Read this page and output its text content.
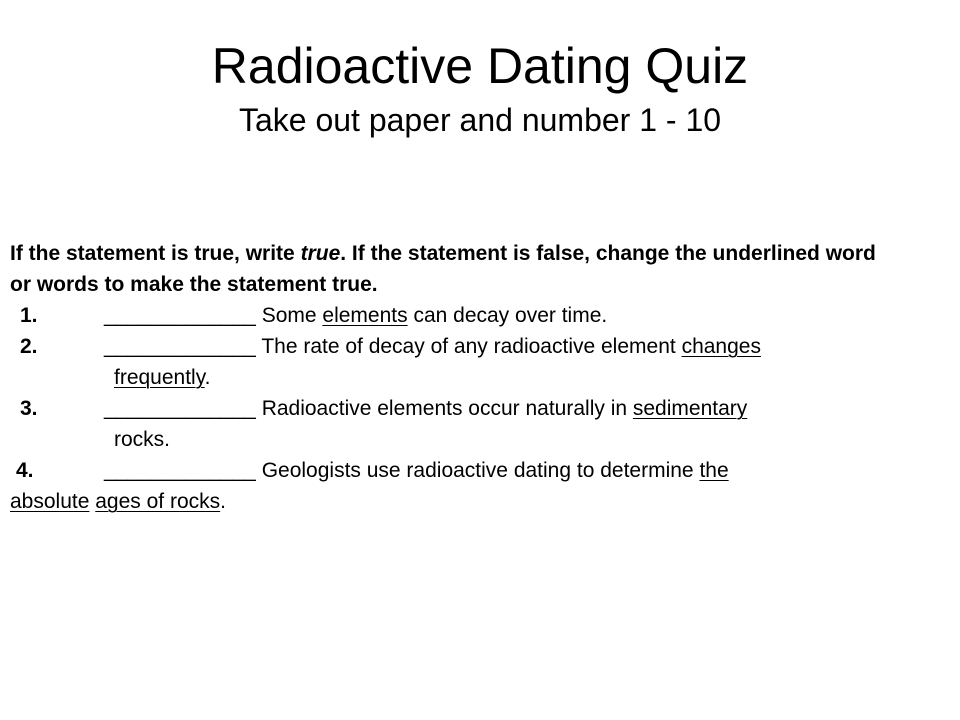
Radioactive Dating Quiz
Take out paper and number 1 - 10

If the statement is true, write true. If the statement is false, change the underlined word
or words to make the statement true.

1.	_____________ Some elements can decay over time.

2.	_____________ The rate of decay of any radioactive element changes

frequently.

3.	_____________ Radioactive elements occur naturally in sedimentary

rocks.

4.	_____________ Geologists use radioactive dating to determine the

absolute ages of rocks.
